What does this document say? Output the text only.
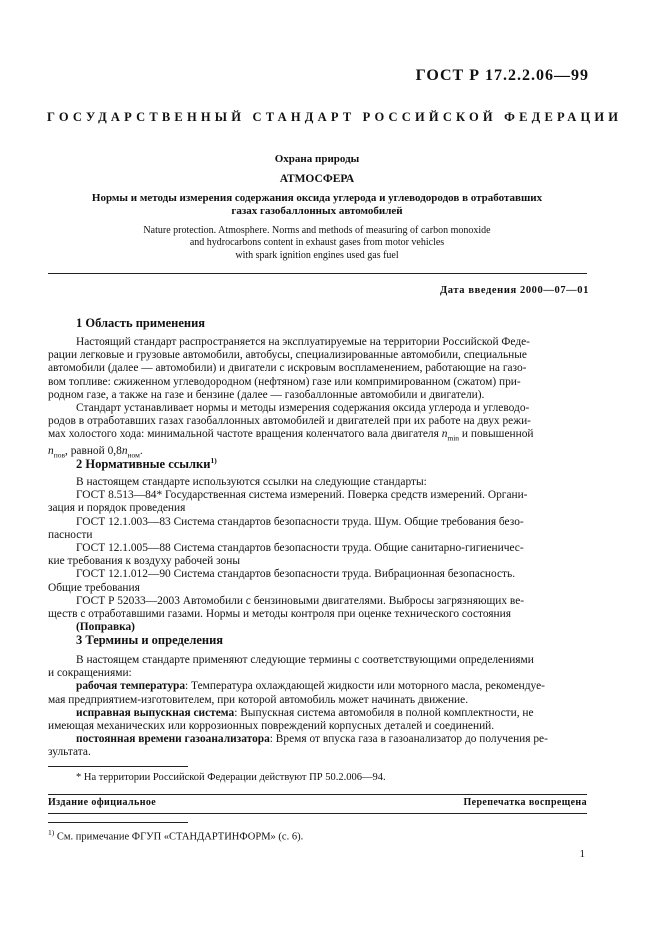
ГОСТ Р 17.2.2.06—99
ГОСУДАРСТВЕННЫЙ СТАНДАРТ РОССИЙСКОЙ ФЕДЕРАЦИИ
Охрана природы
АТМОСФЕРА
Нормы и методы измерения содержания оксида углерода и углеводородов в отработавших
газах газобаллонных автомобилей
Nature protection. Atmosphere. Norms and methods of measuring of carbon monoxide
and hydrocarbons content in exhaust gases from motor vehicles
with spark ignition engines used gas fuel
Дата введения 2000—07—01
1 Область применения
Настоящий стандарт распространяется на эксплуатируемые на территории Российской Феде-
рации легковые и грузовые автомобили, автобусы, специализированные автомобили, специальные
автомобили (далее — автомобили) и двигатели с искровым воспламенением, работающие на газо-
вом топливе: сжиженном углеводородном (нефтяном) газе или компримированном (сжатом) при-
родном газе, а также на газе и бензине (далее — газобаллонные автомобили и двигатели).
Стандарт устанавливает нормы и методы измерения содержания оксида углерода и углеводо-
родов в отработавших газах газобаллонных автомобилей и двигателей при их работе на двух режи-
мах холостого хода: минимальной частоте вращения коленчатого вала двигателя $n_{min}$ и повышенной
$n_{пов}$, равной $0,8n_{ном}$.
2 Нормативные ссылки$^{1)}$
В настоящем стандарте используются ссылки на следующие стандарты:
ГОСТ 8.513—84* Государственная система измерений. Поверка средств измерений. Органи-
зация и порядок проведения
ГОСТ 12.1.003—83 Система стандартов безопасности труда. Шум. Общие требования безо-
пасности
ГОСТ 12.1.005—88 Система стандартов безопасности труда. Общие санитарно-гигиеничес-
кие требования к воздуху рабочей зоны
ГОСТ 12.1.012—90 Система стандартов безопасности труда. Вибрационная безопасность.
Общие требования
ГОСТ Р 52033—2003 Автомобили с бензиновыми двигателями. Выбросы загрязняющих ве-
ществ с отработавшими газами. Нормы и методы контроля при оценке технического состояния
(Поправка)
3 Термины и определения
В настоящем стандарте применяют следующие термины с соответствующими определениями
и сокращениями:
рабочая температура: Температура охлаждающей жидкости или моторного масла, рекомендуе-
мая предприятием-изготовителем, при которой автомобиль может начинать движение.
исправная выпускная система: Выпускная система автомобиля в полной комплектности, не
имеющая механических или коррозионных повреждений корпусных деталей и соединений.
постоянная времени газоанализатора: Время от впуска газа в газоанализатор до получения ре-
зультата.
* На территории Российской Федерации действуют ПР 50.2.006—94.
Издание официальное	Перепечатка воспрещена
$^{1)}$ См. примечание ФГУП «СТАНДАРТИНФОРМ» (с. 6).
1
